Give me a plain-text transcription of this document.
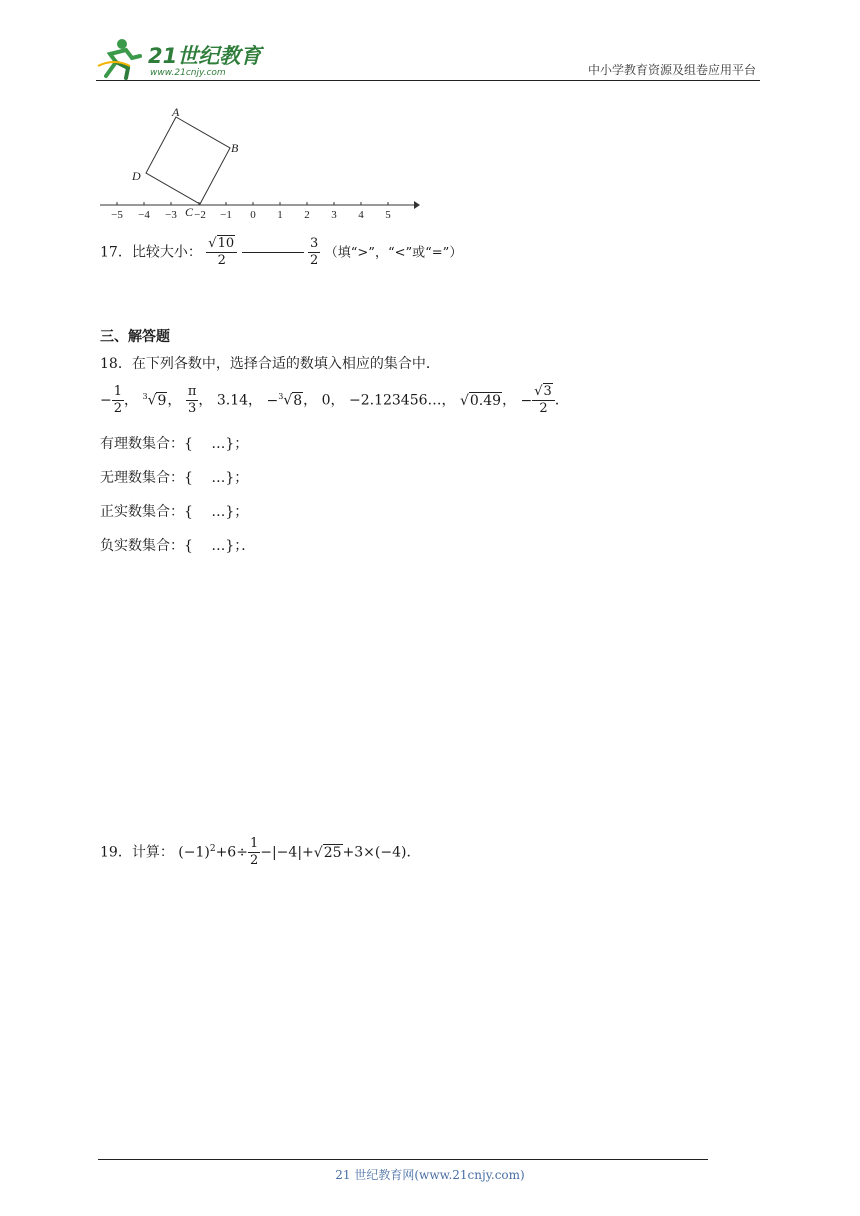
21世纪教育
www.21cnjy.com	中小学教育资源及组卷应用平台
A
B
C
D
−5 −4 −3 −2 −1 0 1 2 3 4 5
17．比较大小： $\frac{√10}{2}$
	$\frac{3}{2}$ （填“>”，“<”或“=”）
三、解答题
18．在下列各数中，选择合适的数填入相应的集合中．
− $\frac{1}{2}$ ， $^3$√9， $\frac{\pi}{3}$ ， 3.14， −$^3$√8， 0， −2.123456…， √0.49， − $\frac{√3}{2}$ ．
有理数集合：{　 …}；
无理数集合：{　 …}；
正实数集合：{　 …}；
负实数集合：{　 …}；．
19．计算： $(-1)^2+6\div \frac{1}{2} -|-4|+√25+3\times(-4)$．
21 世纪教育网(www.21cnjy.com)
